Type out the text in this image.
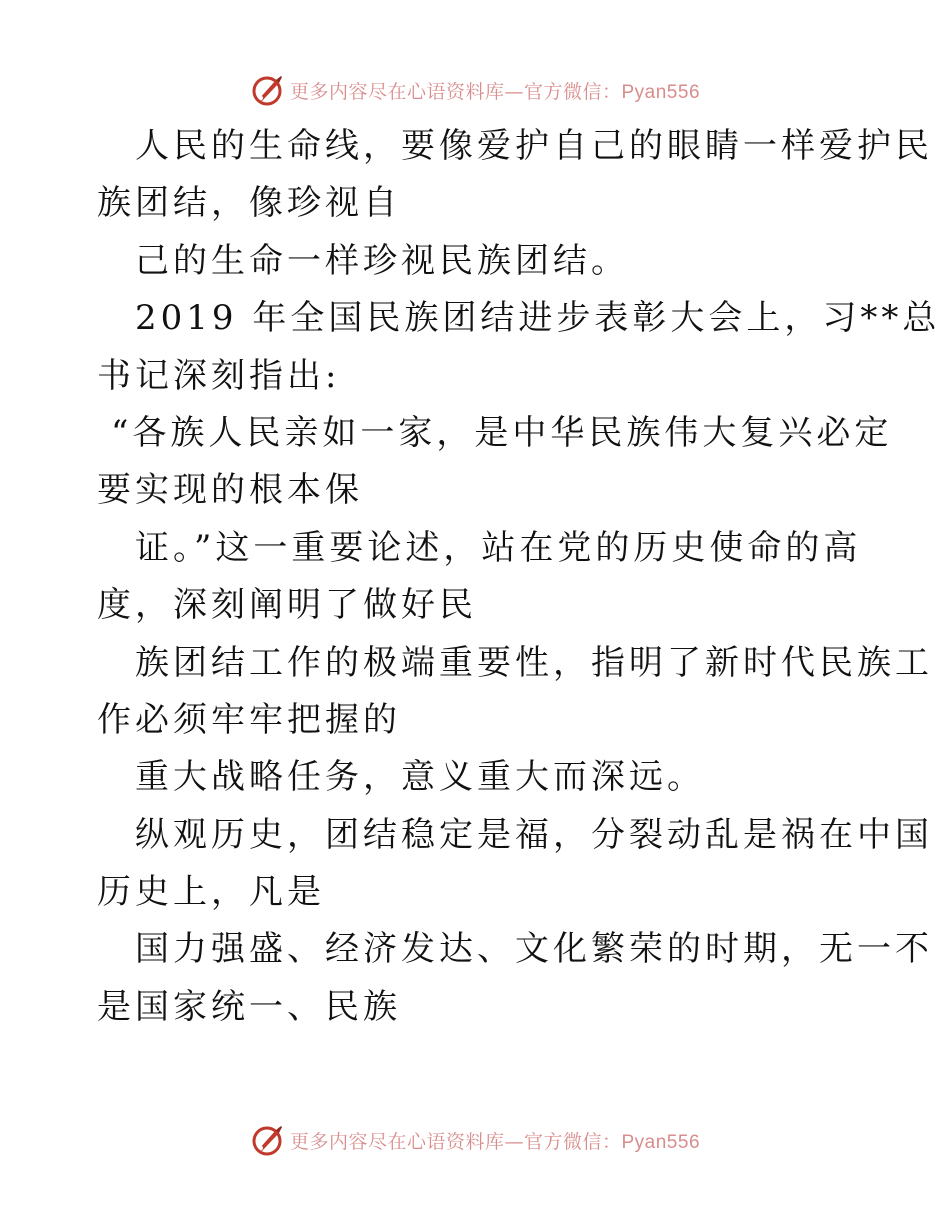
更多内容尽在心语资料库—官方微信：Pyan556
人民的生命线，要像爱护自己的眼睛一样爱护民
族团结，像珍视自
己的生命一样珍视民族团结。
2019 年全国民族团结进步表彰大会上，习**总
书记深刻指出:
“各族人民亲如一家，是中华民族伟大复兴必定
要实现的根本保
证。”这一重要论述，站在党的历史使命的高
度，深刻阐明了做好民
族团结工作的极端重要性，指明了新时代民族工
作必须牢牢把握的
重大战略任务，意义重大而深远。
纵观历史，团结稳定是福，分裂动乱是祸在中国
历史上，凡是
国力强盛、经济发达、文化繁荣的时期，无一不
是国家统一、民族
更多内容尽在心语资料库—官方微信：Pyan556
